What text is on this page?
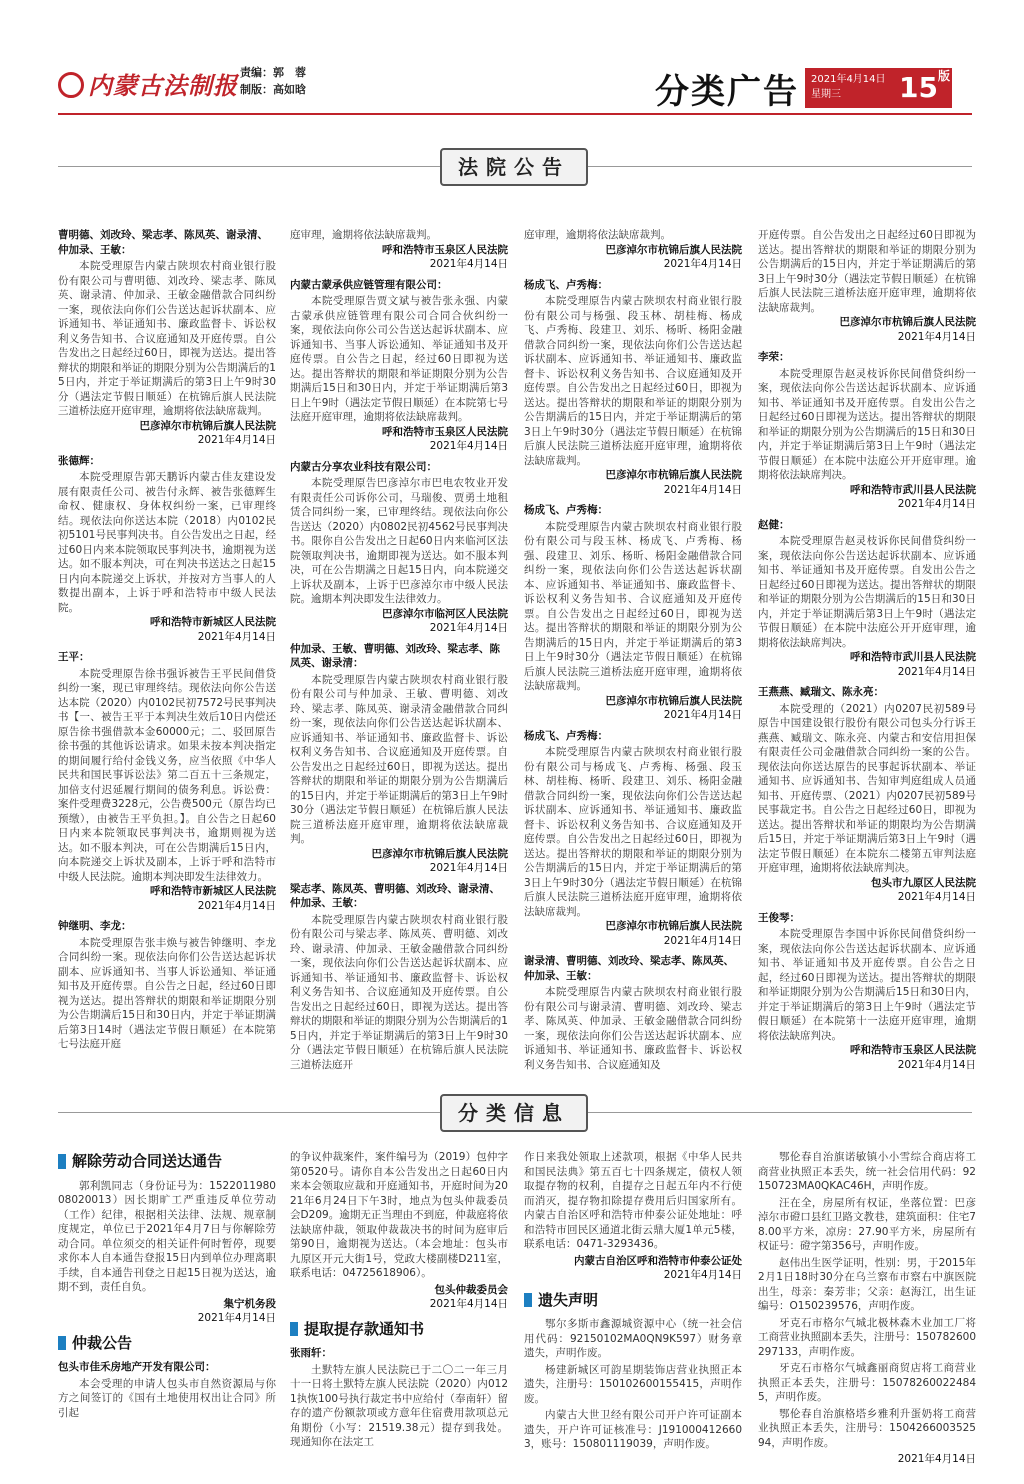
内蒙古法制报 责编：郭　蓉
制版：高如晗	分类广告 2021年4月14日
星期三	$15^版$
法院公告
曹明德、刘改玲、梁志孝、陈凤英、谢录清、仲加录、王敏：
本院受理原告内蒙古陕坝农村商业银行股份有限公司与曹明德、刘改玲、梁志孝、陈凤英、谢录清、仲加录、王敏金融借款合同纠纷一案，现依法向你们公告送达起诉状副本、应诉通知书、举证通知书、廉政监督卡、诉讼权利义务告知书、合议庭通知及开庭传票。自公告发出之日起经过60日，即视为送达。提出答辩状的期限和举证的期限分别为公告期满后的15日内，并定于举证期满后的第3日上午9时30分（遇法定节假日顺延）在杭锦后旗人民法院三道桥法庭开庭审理，逾期将依法缺席裁判。
巴彦淖尔市杭锦后旗人民法院
2021年4月14日
张德辉：
本院受理原告郭天鹏诉内蒙古佳友建设发展有限责任公司、被告付永辉、被告张德辉生命权、健康权、身体权纠纷一案，已审理终结。现依法向你送达本院（2018）内0102民初5101号民事判决书。自公告发出之日起，经过60日内来本院领取民事判决书，逾期视为送达。如不服本判决，可在判决书送达之日起15日内向本院递交上诉状，并按对方当事人的人数提出副本，上诉于呼和浩特市中级人民法院。
呼和浩特市新城区人民法院
2021年4月14日
王平：
本院受理原告徐书强诉被告王平民间借贷纠纷一案，现已审理终结。现依法向你公告送达本院（2020）内0102民初7572号民事判决书【一、被告王平于本判决生效后10日内偿还原告徐书强借款本金60000元；二、驳回原告徐书强的其他诉讼请求。如果未按本判决指定的期间履行给付金钱义务，应当依照《中华人民共和国民事诉讼法》第二百五十三条规定，加倍支付迟延履行期间的债务利息。诉讼费：案件受理费3228元，公告费500元（原告均已预缴），由被告王平负担。】。自公告之日起60日内来本院领取民事判决书，逾期则视为送达。如不服本判决，可在公告期满后15日内，向本院递交上诉状及副本，上诉于呼和浩特市中级人民法院。逾期本判决即发生法律效力。
呼和浩特市新城区人民法院
2021年4月14日
钟继明、李龙：
本院受理原告张丰焕与被告钟继明、李龙合同纠纷一案。现依法向你们公告送达起诉状副本、应诉通知书、当事人诉讼通知、举证通知书及开庭传票。自公告之日起，经过60日即视为送达。提出答辩状的期限和举证期限分别为公告期满后15日和30日内，并定于举证期满后第3日14时（遇法定节假日顺延）在本院第七号法庭开庭
庭审理，逾期将依法缺席裁判。
呼和浩特市玉泉区人民法院
2021年4月14日
内蒙古蒙承供应链管理有限公司：
本院受理原告贾文斌与被告张永强、内蒙古蒙承供应链管理有限公司合同合伙纠纷一案，现依法向你公司公告送达起诉状副本、应诉通知书、当事人诉讼通知、举证通知书及开庭传票。自公告之日起，经过60日即视为送达。提出答辩状的期限和举证期限分别为公告期满后15日和30日内，并定于举证期满后第3日上午9时（遇法定节假日顺延）在本院第七号法庭开庭审理，逾期将依法缺席裁判。
呼和浩特市玉泉区人民法院
2021年4月14日
内蒙古分享农业科技有限公司：
本院受理原告巴彦淖尔市巴电农牧业开发有限责任公司诉你公司，马瑞俊、贾勇土地租赁合同纠纷一案，已审理终结。现依法向你公告送达（2020）内0802民初4562号民事判决书。限你自公告发出之日起60日内来临河区法院领取判决书，逾期即视为送达。如不服本判决，可在公告期满之日起15日内，向本院递交上诉状及副本，上诉于巴彦淖尔市中级人民法院。逾期本判决即发生法律效力。
巴彦淖尔市临河区人民法院
2021年4月14日
仲加录、王敏、曹明德、刘改玲、梁志孝、陈凤英、谢录清：
本院受理原告内蒙古陕坝农村商业银行股份有限公司与仲加录、王敏、曹明德、刘改玲、梁志孝、陈凤英、谢录清金融借款合同纠纷一案，现依法向你们公告送达起诉状副本、应诉通知书、举证通知书、廉政监督卡、诉讼权利义务告知书、合议庭通知及开庭传票。自公告发出之日起经过60日，即视为送达。提出答辩状的期限和举证的期限分别为公告期满后的15日内，并定于举证期满后的第3日上午9时30分（遇法定节假日顺延）在杭锦后旗人民法院三道桥法庭开庭审理，逾期将依法缺席裁判。
巴彦淖尔市杭锦后旗人民法院
2021年4月14日
梁志孝、陈凤英、曹明德、刘改玲、谢录清、仲加录、王敏：
本院受理原告内蒙古陕坝农村商业银行股份有限公司与梁志孝、陈凤英、曹明德、刘改玲、谢录清、仲加录、王敏金融借款合同纠纷一案，现依法向你们公告送达起诉状副本、应诉通知书、举证通知书、廉政监督卡、诉讼权利义务告知书、合议庭通知及开庭传票。自公告发出之日起经过60日，即视为送达。提出答辩状的期限和举证的期限分别为公告期满后的15日内，并定于举证期满后的第3日上午9时30分（遇法定节假日顺延）在杭锦后旗人民法院三道桥法庭开
庭审理，逾期将依法缺席裁判。
巴彦淖尔市杭锦后旗人民法院
2021年4月14日
杨成飞、卢秀梅：
本院受理原告内蒙古陕坝农村商业银行股份有限公司与杨强、段玉林、胡桂梅、杨成飞、卢秀梅、段建卫、刘乐、杨昕、杨阳金融借款合同纠纷一案，现依法向你们公告送达起诉状副本、应诉通知书、举证通知书、廉政监督卡、诉讼权利义务告知书、合议庭通知及开庭传票。自公告发出之日起经过60日，即视为送达。提出答辩状的期限和举证的期限分别为公告期满后的15日内，并定于举证期满后的第3日上午9时30分（遇法定节假日顺延）在杭锦后旗人民法院三道桥法庭开庭审理，逾期将依法缺席裁判。
巴彦淖尔市杭锦后旗人民法院
2021年4月14日
杨成飞、卢秀梅：
本院受理原告内蒙古陕坝农村商业银行股份有限公司与段玉林、杨成飞、卢秀梅、杨强、段建卫、刘乐、杨昕、杨阳金融借款合同纠纷一案，现依法向你们公告送达起诉状副本、应诉通知书、举证通知书、廉政监督卡、诉讼权利义务告知书、合议庭通知及开庭传票。自公告发出之日起经过60日，即视为送达。提出答辩状的期限和举证的期限分别为公告期满后的15日内，并定于举证期满后的第3日上午9时30分（遇法定节假日顺延）在杭锦后旗人民法院三道桥法庭开庭审理，逾期将依法缺席裁判。
巴彦淖尔市杭锦后旗人民法院
2021年4月14日
杨成飞、卢秀梅：
本院受理原告内蒙古陕坝农村商业银行股份有限公司与杨成飞、卢秀梅、杨强、段玉林、胡桂梅、杨昕、段建卫、刘乐、杨阳金融借款合同纠纷一案，现依法向你们公告送达起诉状副本、应诉通知书、举证通知书、廉政监督卡、诉讼权利义务告知书、合议庭通知及开庭传票。自公告发出之日起经过60日，即视为送达。提出答辩状的期限和举证的期限分别为公告期满后的15日内，并定于举证期满后的第3日上午9时30分（遇法定节假日顺延）在杭锦后旗人民法院三道桥法庭开庭审理，逾期将依法缺席裁判。
巴彦淖尔市杭锦后旗人民法院
2021年4月14日
谢录清、曹明德、刘改玲、梁志孝、陈凤英、仲加录、王敏：
本院受理原告内蒙古陕坝农村商业银行股份有限公司与谢录清、曹明德、刘改玲、梁志孝、陈凤英、仲加录、王敏金融借款合同纠纷一案，现依法向你们公告送达起诉状副本、应诉通知书、举证通知书、廉政监督卡、诉讼权利义务告知书、合议庭通知及
开庭传票。自公告发出之日起经过60日即视为送达。提出答辩状的期限和举证的期限分别为公告期满后的15日内，并定于举证期满后的第3日上午9时30分（遇法定节假日顺延）在杭锦后旗人民法院三道桥法庭开庭审理，逾期将依法缺席裁判。
巴彦淖尔市杭锦后旗人民法院
2021年4月14日
李荣：
本院受理原告赵灵枝诉你民间借贷纠纷一案，现依法向你公告送达起诉状副本、应诉通知书、举证通知书及开庭传票。自发出公告之日起经过60日即视为送达。提出答辩状的期限和举证的期限分别为公告期满后的15日和30日内，并定于举证期满后第3日上午9时（遇法定节假日顺延）在本院中法庭公开开庭审理。逾期将依法缺席判决。
呼和浩特市武川县人民法院
2021年4月14日
赵健：
本院受理原告赵灵枝诉你民间借贷纠纷一案，现依法向你公告送达起诉状副本、应诉通知书、举证通知书及开庭传票。自发出公告之日起经过60日即视为送达。提出答辩状的期限和举证的期限分别为公告期满后的15日和30日内，并定于举证期满后第3日上午9时（遇法定节假日顺延）在本院中法庭公开开庭审理，逾期将依法缺席判决。
呼和浩特市武川县人民法院
2021年4月14日
王燕燕、臧瑞文、陈永亮：
本院受理的（2021）内0207民初589号原告中国建设银行股份有限公司包头分行诉王燕燕、臧瑞文、陈永亮、内蒙古和安信用担保有限责任公司金融借款合同纠纷一案的公告。现依法向你送达原告的民事起诉状副本、举证通知书、应诉通知书、告知审判庭组成人员通知书、开庭传票、（2021）内0207民初589号民事裁定书。自公告之日起经过60日，即视为送达。提出答辩状和举证的期限均为公告期满后15日，并定于举证期满后第3日上午9时（遇法定节假日顺延）在本院东二楼第五审判法庭开庭审理，逾期将依法缺席判决。
包头市九原区人民法院
2021年4月14日
王俊琴：
本院受理原告李国中诉你民间借贷纠纷一案，现依法向你公告送达起诉状副本、应诉通知书、举证通知书及开庭传票。自公告之日起，经过60日即视为送达。提出答辩状的期限和举证期限分别为公告期满后15日和30日内，并定于举证期满后的第3日上午9时（遇法定节假日顺延）在本院第十一法庭开庭审理，逾期将依法缺席判决。
呼和浩特市玉泉区人民法院
2021年4月14日
分类信息
解除劳动合同送达通告
郭利凯同志（身份证号为：152201198008020013）因长期旷工严重违反单位劳动（工作）纪律，根据相关法律、法规、规章制度规定，单位已于2021年4月7日与你解除劳动合同。单位须交的相关证件何时暂停，现要求你本人自本通告登报15日内到单位办理离职手续，自本通告刊登之日起15日视为送达，逾期不到，责任自负。
集宁机务段
2021年4月14日
仲裁公告
包头市佳禾房地产开发有限公司：
本会受理的申请人包头市自然资源局与你方之间签订的《国有土地使用权出让合同》所引起
的争议仲裁案件，案件编号为（2019）包仲字第0520号。请你自本公告发出之日起60日内来本会领取应裁和开庭通知书，开庭时间为2021年6月24日下午3时，地点为包头仲裁委员会D209。逾期无正当理由不到庭，仲裁庭将依法缺席仲裁，领取仲裁裁决书的时间为庭审后第90日，逾期视为送达。（本会地址：包头市九原区开元大街1号，党政大楼副楼D211室，联系电话：04725618906）。
包头仲裁委员会
2021年4月14日
提取提存款通知书
张雨轩：
土默特左旗人民法院已于二〇二一年三月十一日将土默特左旗人民法院（2020）内0121执恢100号执行裁定书中应给付（奉南轩）留存的遗产份额款项或方意年住宿费用款项总元角期份（小写：21519.38元）提存到我处。现通知你在法定工
作日来我处领取上述款项，根据《中华人民共和国民法典》第五百七十四条规定，债权人领取提存物的权利，自提存之日起五年内不行使而消灭，提存物扣除提存费用后归国家所有。内蒙古自治区呼和浩特市仲泰公证处地址：呼和浩特市回民区通道北街云鼎大厦1单元5楼，联系电话：0471-3293436。
内蒙古自治区呼和浩特市仲泰公证处
2021年4月14日
遗失声明
鄂尔多斯市鑫源城资源中心（统一社会信用代码：92150102MA0QN9K597）财务章遗失，声明作废。
杨建新城区可韵星期装饰店营业执照正本遗失，注册号：150102600155415，声明作废。
内蒙古大世卫经有限公司开户许可证副本遗失，开户许可证核准号：J1910004126603，账号：150801119039，声明作废。
鄂伦春自治旗诺敏镇小小雪综合商店将工商营业执照正本丢失，统一社会信用代码：92150723MA0QKAC46H，声明作废。
汪在全，房屋所有权证，坐落位置：巴彦淖尔市磴口县红卫路文教巷，建筑面积：住宅78.00平方米，凉房：27.90平方米，房屋所有权证号：磴字第356号，声明作废。
赵伟出生医学证明，性别：男，于2015年2月1日18时30分在乌兰察布市察右中旗医院出生，母亲：秦芳非；父亲：赵海江，出生证编号：O150239576，声明作废。
牙克石市格尔气城北极林森木业加工厂将工商营业执照副本丢失，注册号：150782600297133，声明作废。
牙克石市格尔气城鑫丽商贸店将工商营业执照正本丢失，注册号：150782600224845，声明作废。
鄂伦春自治旗格塔乡雅利升蛋奶将工商营业执照正本丢失，注册号：150426600352594，声明作废。
2021年4月14日
